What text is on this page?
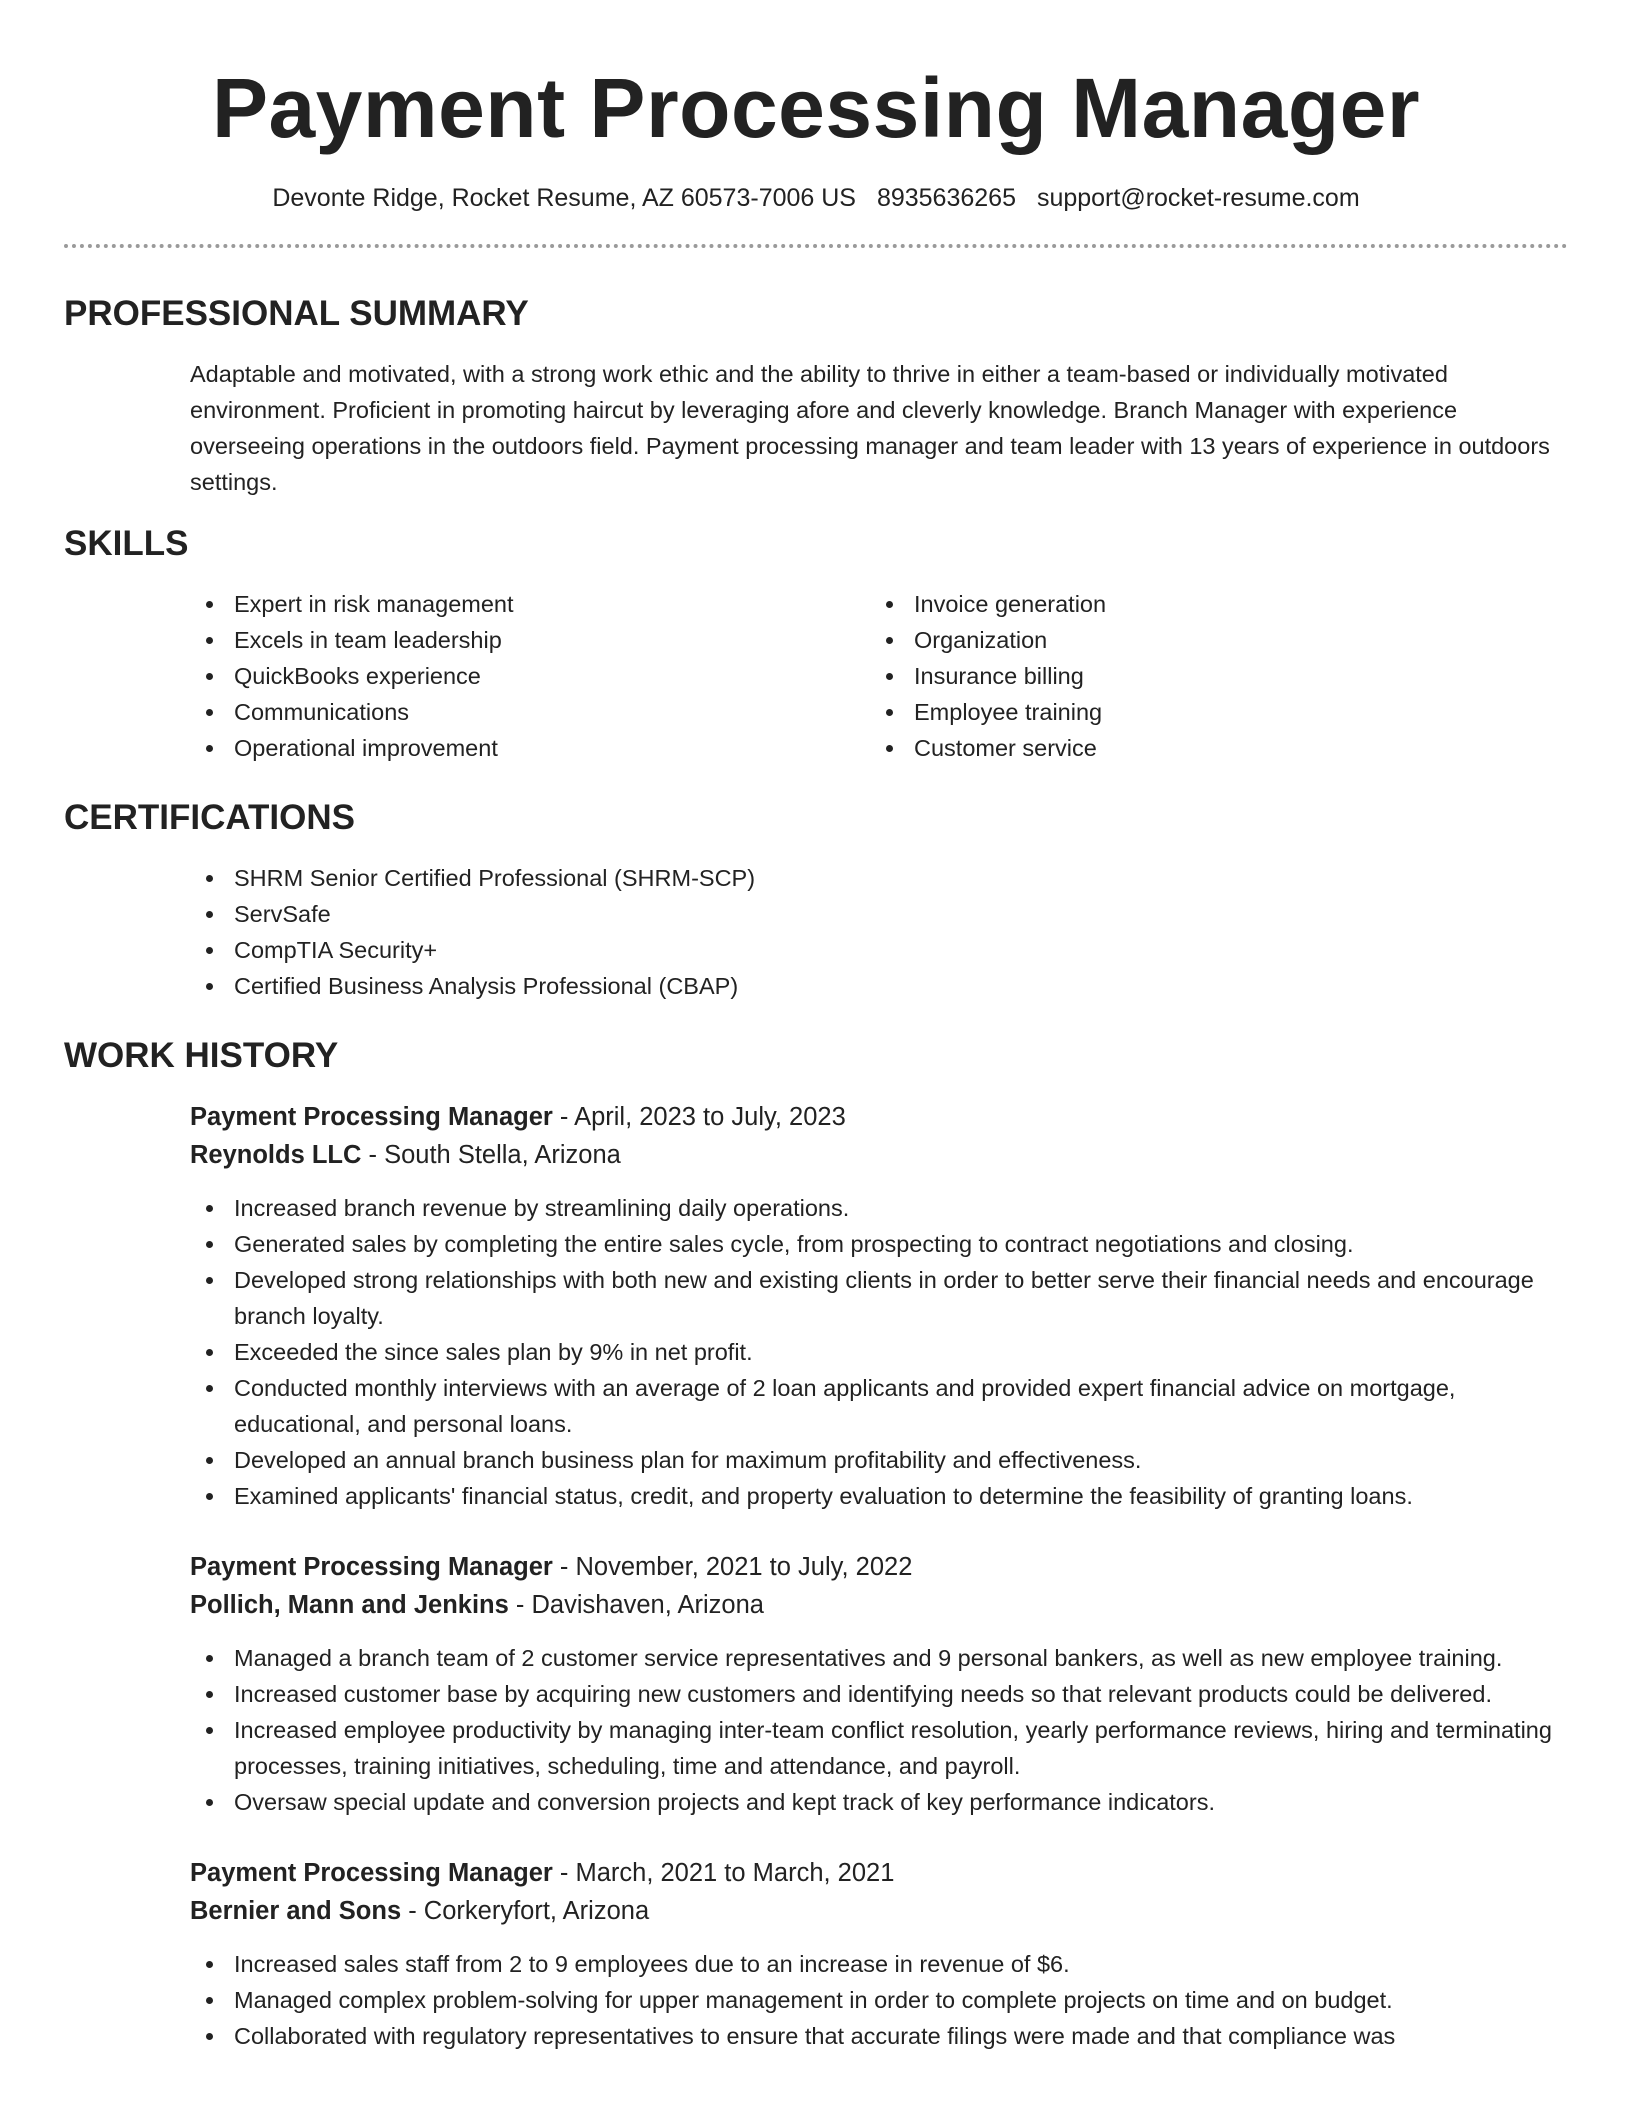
Payment Processing Manager
Devonte Ridge, Rocket Resume, AZ 60573-7006 US 8935636265 support@rocket-resume.com
PROFESSIONAL SUMMARY

Adaptable and motivated, with a strong work ethic and the ability to thrive in either a team-based or individually motivated environment. Proficient in promoting haircut by leveraging afore and cleverly knowledge. Branch Manager with experience overseeing operations in the outdoors field. Payment processing manager and team leader with 13 years of experience in outdoors settings.

SKILLS
Expert in risk management
Excels in team leadership
QuickBooks experience
Communications
Operational improvement
Invoice generation
Organization
Insurance billing
Employee training
Customer service
CERTIFICATIONS
SHRM Senior Certified Professional (SHRM-SCP)
ServSafe
CompTIA Security+
Certified Business Analysis Professional (CBAP)
WORK HISTORY

Payment Processing Manager - April, 2023 to July, 2023

Reynolds LLC - South Stella, Arizona

Increased branch revenue by streamlining daily operations.
Generated sales by completing the entire sales cycle, from prospecting to contract negotiations and closing.
Developed strong relationships with both new and existing clients in order to better serve their financial needs and encourage branch loyalty.
Exceeded the since sales plan by 9% in net profit.
Conducted monthly interviews with an average of 2 loan applicants and provided expert financial advice on mortgage, educational, and personal loans.
Developed an annual branch business plan for maximum profitability and effectiveness.
Examined applicants' financial status, credit, and property evaluation to determine the feasibility of granting loans.

Payment Processing Manager - November, 2021 to July, 2022

Pollich, Mann and Jenkins - Davishaven, Arizona

Managed a branch team of 2 customer service representatives and 9 personal bankers, as well as new employee training.
Increased customer base by acquiring new customers and identifying needs so that relevant products could be delivered.
Increased employee productivity by managing inter-team conflict resolution, yearly performance reviews, hiring and terminating processes, training initiatives, scheduling, time and attendance, and payroll.
Oversaw special update and conversion projects and kept track of key performance indicators.

Payment Processing Manager - March, 2021 to March, 2021

Bernier and Sons - Corkeryfort, Arizona

Increased sales staff from 2 to 9 employees due to an increase in revenue of $6.
Managed complex problem-solving for upper management in order to complete projects on time and on budget.
Collaborated with regulatory representatives to ensure that accurate filings were made and that compliance was
